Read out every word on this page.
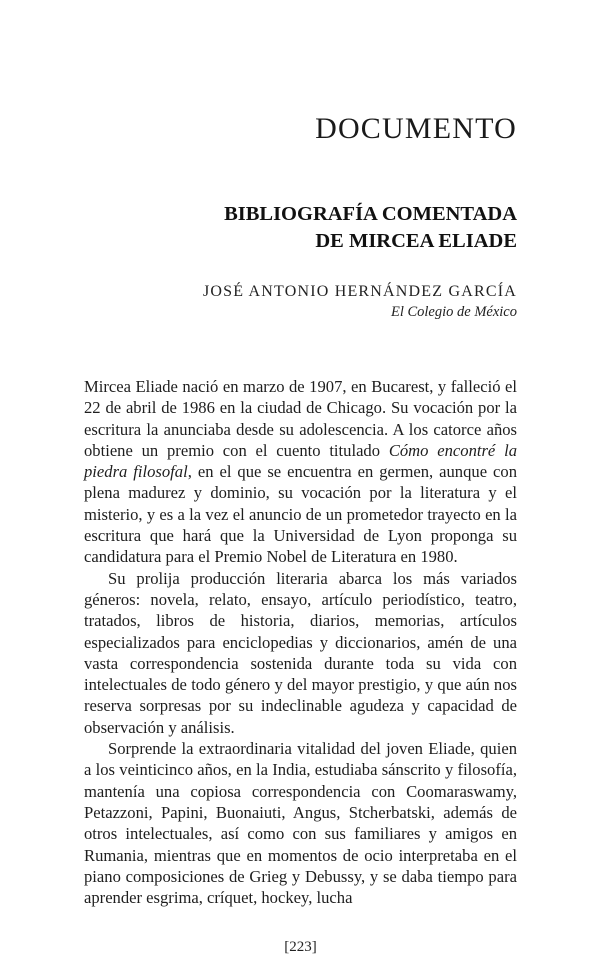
DOCUMENTO
BIBLIOGRAFÍA COMENTADA
DE MIRCEA ELIADE
JOSÉ ANTONIO HERNÁNDEZ GARCÍA
El Colegio de México

Mircea Eliade nació en marzo de 1907, en Bucarest, y falleció el 22 de abril de 1986 en la ciudad de Chicago. Su vocación por la escritura la anunciaba desde su adolescencia. A los catorce años obtiene un premio con el cuento titulado Cómo encontré la piedra filosofal, en el que se encuentra en germen, aunque con plena madurez y dominio, su vocación por la literatura y el misterio, y es a la vez el anuncio de un prometedor trayecto en la escritura que hará que la Universidad de Lyon proponga su candidatura para el Premio Nobel de Literatura en 1980.

Su prolija producción literaria abarca los más variados géneros: novela, relato, ensayo, artículo periodístico, teatro, tratados, libros de historia, diarios, memorias, artículos especializados para enciclopedias y diccionarios, amén de una vasta correspondencia sostenida durante toda su vida con intelectuales de todo género y del mayor prestigio, y que aún nos reserva sorpresas por su indeclinable agudeza y capacidad de observación y análisis.

Sorprende la extraordinaria vitalidad del joven Eliade, quien a los veinticinco años, en la India, estudiaba sánscrito y filosofía, mantenía una copiosa correspondencia con Coomaraswamy, Petazzoni, Papini, Buonaiuti, Angus, Stcherbatski, además de otros intelectuales, así como con sus familiares y amigos en Rumania, mientras que en momentos de ocio interpretaba en el piano composiciones de Grieg y Debussy, y se daba tiempo para aprender esgrima, críquet, hockey, lucha

[223]
